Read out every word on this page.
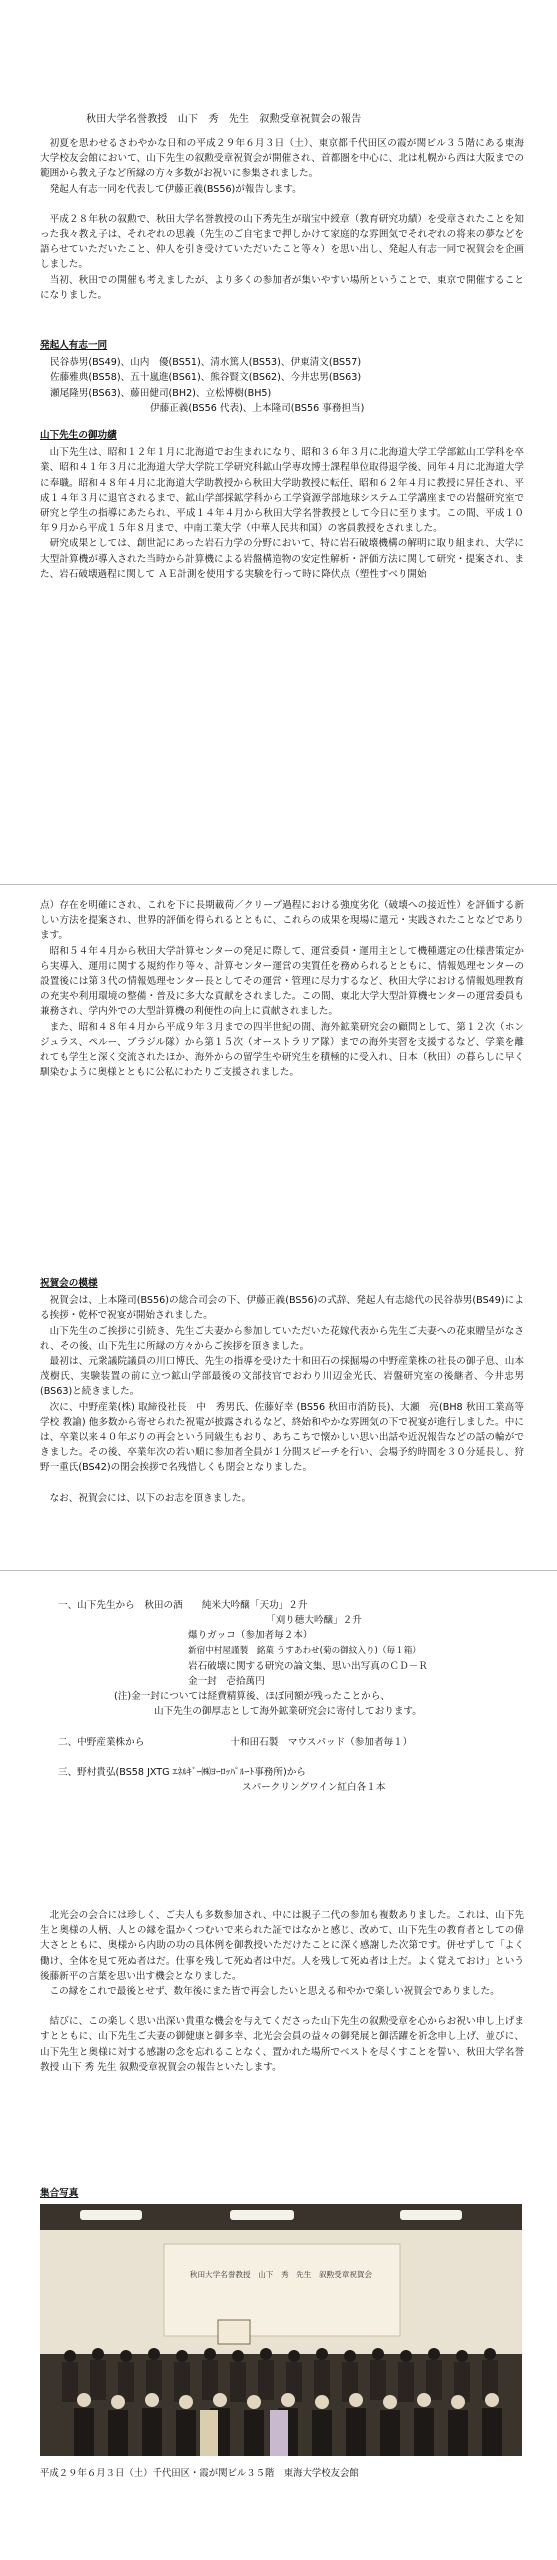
秋田大学名誉教授　山下　秀　先生　叙勲受章祝賀会の報告

初夏を思わせるさわやかな日和の平成２９年６月３日（土）、東京都千代田区の霞が関ビル３５階にある東海大学校友会館において、山下先生の叙勲受章祝賀会が開催され、首都圏を中心に、北は札幌から西は大阪までの範囲から教え子など所縁の方々多数がお祝いに参集されました。

発起人有志一同を代表して伊藤正義(BS56)が報告します。

平成２８年秋の叙勲で、秋田大学名誉教授の山下秀先生が瑞宝中綬章（教育研究功績）を受章されたことを知った我々教え子は、それぞれの思義（先生のご自宅まで押しかけて家庭的な雰囲気でそれぞれの将来の夢などを語らせていただいたこと、仲人を引き受けていただいたこと等々）を思い出し、発起人有志一同で祝賀会を企画しました。

当初、秋田での開催も考えましたが、より多くの参加者が集いやすい場所ということで、東京で開催することになりました。

発起人有志一同

民谷恭男(BS49)、山内　優(BS51)、清水篤人(BS53)、伊東清文(BS57)

佐藤雅典(BS58)、五十嵐進(BS61)、熊谷賢文(BS62)、今井忠男(BS63)

瀬尾隆男(BS63)、藤田健司(BH2)、立松博樹(BH5)

伊藤正義(BS56 代表)、上本隆司(BS56 事務担当)

山下先生の御功績

山下先生は、昭和１２年１月に北海道でお生まれになり、昭和３６年３月に北海道大学工学部鉱山工学科を卒業、昭和４１年３月に北海道大学大学院工学研究科鉱山学専攻博士課程単位取得退学後、同年４月に北海道大学に奉職。昭和４８年４月に北海道大学助教授から秋田大学助教授に転任、昭和６２年４月に教授に昇任され、平成１４年３月に退官されるまで、鉱山学部採鉱学科から工学資源学部地球システム工学講座までの岩盤研究室で研究と学生の指導にあたられ、平成１４年４月から秋田大学名誉教授として今日に至ります。この間、平成１０年９月から平成１５年８月まで、中南工業大学（中華人民共和国）の客員教授をされました。

研究成果としては、創世記にあった岩石力学の分野において、特に岩石破壊機構の解明に取り組まれ、大学に大型計算機が導入された当時から計算機による岩盤構造物の安定性解析・評価方法に関して研究・提案され、また、岩石破壊過程に関して ＡＥ計測を使用する実験を行って時に降伏点（塑性すべり開始

点）存在を明確にされ、これを下に長期載荷／クリープ過程における強度劣化（破壊への接近性）を評価する新しい方法を提案され、世界的評価を得られるとともに、これらの成果を現場に還元・実践されたことなどであります。

昭和５４年４月から秋田大学計算センターの発足に際して、運営委員・運用主として機種選定の仕様書策定から実導入、運用に関する規約作り等々、計算センター運営の実質任を務められるとともに、情報処理センターの設置後には第３代の情報処理センター長としてその運営・管理に尽力するなど、秋田大学における情報処理教育の充実や利用環境の整備・普及に多大な貢献をされました。この間、東北大学大型計算機センターの運営委員も兼務され、学内外での大型計算機の利便性の向上に貢献されました。

また、昭和４８年４月から平成９年３月までの四半世紀の間、海外鉱業研究会の顧問として、第１２次（ホンジュラス、ペルー、ブラジル隊）から第１５次（オーストラリア隊）までの海外実習を支援するなど、学業を離れても学生と深く交流されたほか、海外からの留学生や研究生を積極的に受入れ、日本（秋田）の暮らしに早く馴染むように奥様とともに公私にわたりご支援されました。

祝賀会の模様

祝賀会は、上本隆司(BS56)の総合司会の下、伊藤正義(BS56)の式辞、発起人有志総代の民谷恭男(BS49)による挨拶・乾杯で祝宴が開始されました。

山下先生のご挨拶に引続き、先生ご夫妻から参加していただいた花嫁代表から先生ご夫妻への花束贈呈がなされ、その後、山下先生に所縁の方々からご挨拶を頂きました。

最初は、元衆議院議員の川口博氏、先生の指導を受けた十和田石の採掘場の中野産業株の社長の御子息、山本茂樹氏、実験装置の前に立つ鉱山学部最後の文部技官でおわり川辺金光氏、岩盤研究室の後継者、今井忠男(BS63)と続きました。

次に、中野産業(株) 取締役社長　中　秀男氏、佐藤好幸 (BS56 秋田市消防長)、大瀬　亮(BH8 秋田工業高等学校 教諭) 他多数から寄せられた祝電が披露されるなど、終始和やかな雰囲気の下で祝宴が進行しました。中には、卒業以来４０年ぶりの再会という同級生もおり、あちこちで懐かしい思い出話や近況報告などの話の輪ができました。その後、卒業年次の若い順に参加者全員が１分間スピーチを行い、会場予約時間を３０分延長し、狩野一重氏(BS42)の閉会挨拶で名残惜しくも閉会となりました。

なお、祝賀会には、以下のお志を頂きました。

一、山下先生から　秋田の酒　　純米大吟醸「天功」２升

「刈り穂大吟醸」２升

爆りガッコ（参加者毎２本）

新宿中村屋謹製　銘菓 うすあわせ(菊の御紋入り)（毎１箱）

岩石破壊に関する研究の論文集、思い出写真のＣＤ－Ｒ

金一封　壱拾萬円

(注)金一封については経費精算後、ほぼ同額が残ったことから、

山下先生の御厚志として海外鉱業研究会に寄付しております。

二、中野産業株から	十和田石製　マウスパッド（参加者毎１）

三、野村貴弘(BS58 JXTG ｴﾈﾙｷﾞｰ㈱ﾖｰﾛｯﾊﾟﾙｰﾄ事務所)から

スパークリングワイン紅白各１本

北光会の会合には珍しく、ご夫人も多数参加され、中には親子二代の参加も複数ありました。これは、山下先生と奥様の人柄、人との縁を温かくつむいで来られた証ではなかと感じ、改めて、山下先生の教育者としての偉大さとともに、奥様から内助の功の具体例を御教授いただけたことに深く感謝した次第です。併せずして「よく働け、全体を見て死ぬ者はだ。仕事を残して死ぬ者は中だ。人を残して死ぬ者は上だ。よく覚えておけ」という後藤新平の言葉を思い出す機会となりました。

この縁をこれで最後とせず、数年後にまた皆で再会したいと思える和やかで楽しい祝賀会でありました。

結びに、この楽しく思い出深い貴重な機会を与えてくださった山下先生の叙勲受章を心からお祝い申し上げますとともに、山下先生ご夫妻の御健康と御多幸、北光会会員の益々の御発展と御活躍を祈念申し上げ、並びに、山下先生と奥様に対する感謝の念を忘れることなく、置かれた場所でベストを尽くすことを誓い、秋田大学名誉教授 山下 秀 先生 叙勲受章祝賀会の報告といたします。

集合写真
秋田大学名誉教授　山下　秀　先生　叙勲受章祝賀会
平成２９年６月３日（土）千代田区・霞が関ビル３５階　東海大学校友会館
